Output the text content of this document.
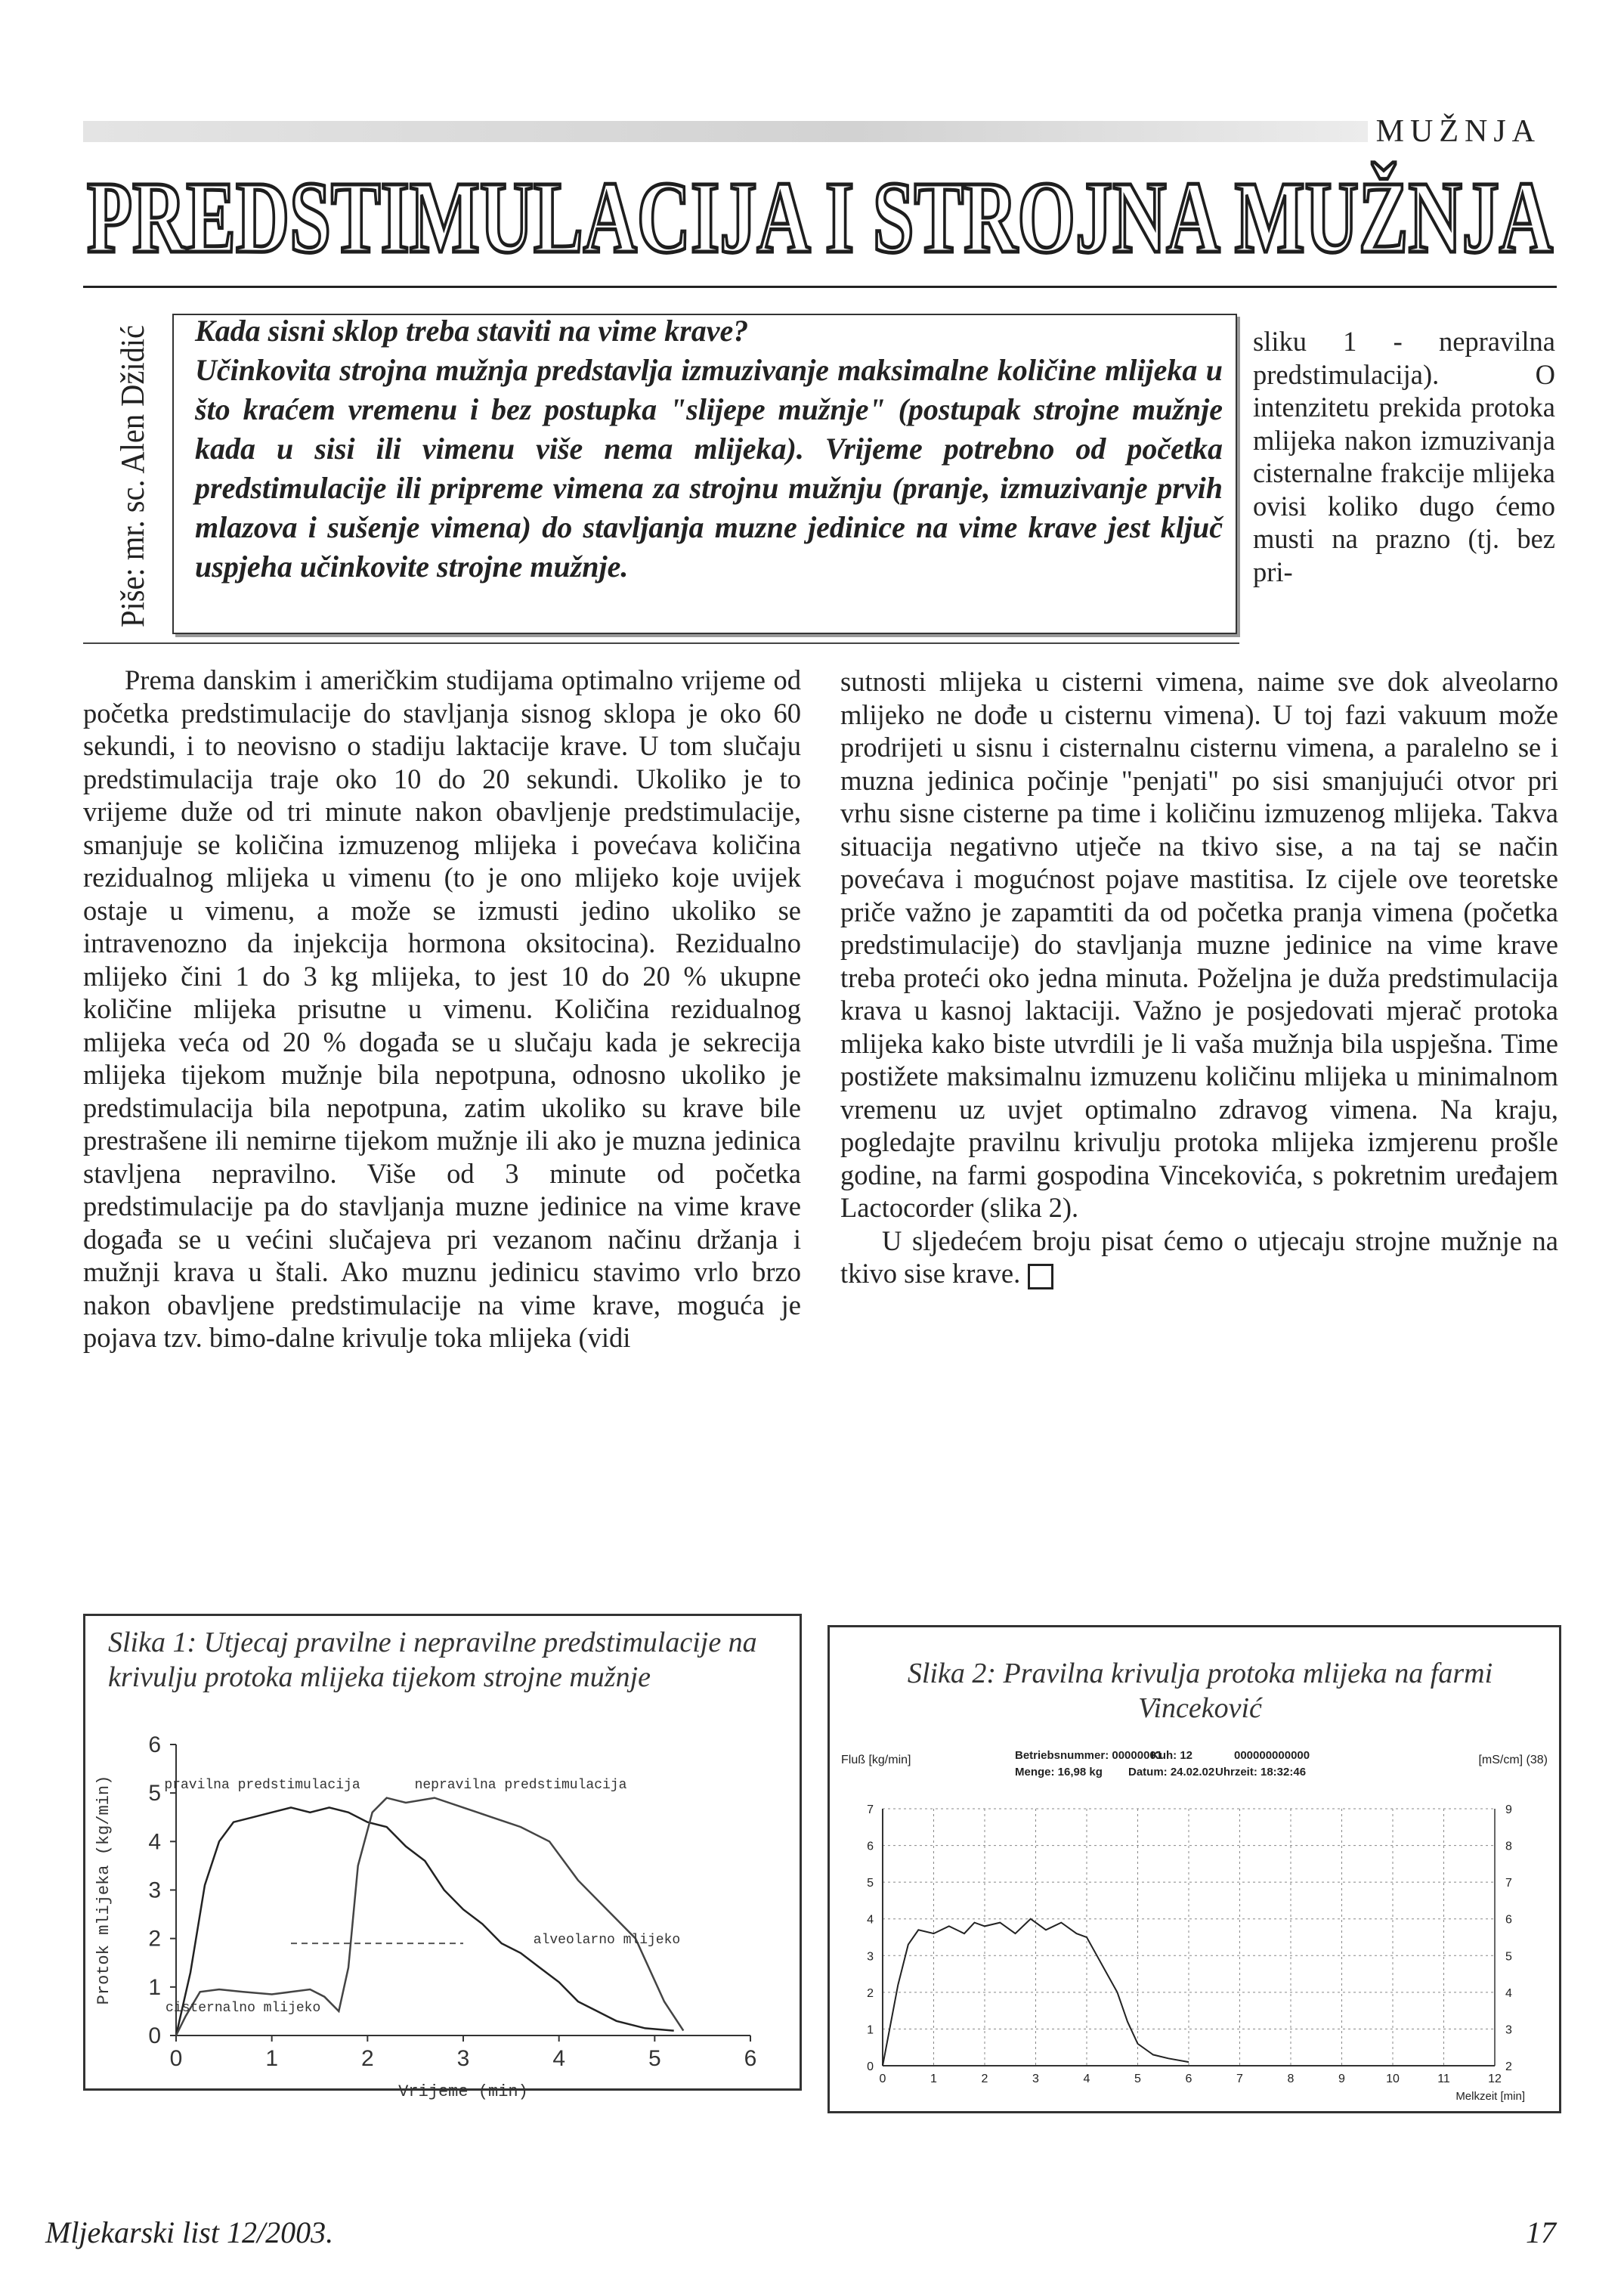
MUŽNJA
PREDSTIMULACIJA I STROJNA MUŽNJA
Piše: mr. sc. Alen Džidić Kada sisni sklop treba staviti na vime krave?
Učinkovita strojna mužnja predstavlja izmuzivanje maksimalne količine mlijeka u što kraćem vremenu i bez postupka "slijepe mužnje" (postupak strojne mužnje kada u sisi ili vimenu više nema mlijeka). Vrijeme potrebno od početka predstimulacije ili pripreme vimena za strojnu mužnju (pranje, izmuzivanje prvih mlazova i sušenje vimena) do stavljanja muzne jedinice na vime krave jest ključ uspjeha učinkovite strojne mužnje.
sliku 1 - nepravilna predstimulacija). O intenzitetu prekida protoka mlijeka nakon izmuzivanja cisternalne frakcije mlijeka ovisi koliko dugo ćemo musti na prazno (tj. bez pri-
Prema danskim i američkim studijama optimalno vrijeme od početka predstimulacije do stavljanja sisnog sklopa je oko 60 sekundi, i to neovisno o stadiju laktacije krave. U tom slučaju predstimulacija traje oko 10 do 20 sekundi. Ukoliko je to vrijeme duže od tri minute nakon obavljenje predstimulacije, smanjuje se količina izmuzenog mlijeka i povećava količina rezidualnog mlijeka u vimenu (to je ono mlijeko koje uvijek ostaje u vimenu, a može se izmusti jedino ukoliko se intravenozno da injekcija hormona oksitocina). Rezidualno mlijeko čini 1 do 3 kg mlijeka, to jest 10 do 20 % ukupne količine mlijeka prisutne u vimenu. Količina rezidualnog mlijeka veća od 20 % događa se u slučaju kada je sekrecija mlijeka tijekom mužnje bila nepotpuna, odnosno ukoliko je predstimulacija bila nepotpuna, zatim ukoliko su krave bile prestrašene ili nemirne tijekom mužnje ili ako je muzna jedinica stavljena nepravilno. Više od 3 minute od početka predstimulacije pa do stavljanja muzne jedinice na vime krave događa se u većini slučajeva pri vezanom načinu držanja i mužnji krava u štali. Ako muznu jedinicu stavimo vrlo brzo nakon obavljene predstimulacije na vime krave, moguća je pojava tzv. bimo-dalne krivulje toka mlijeka (vidi

sutnosti mlijeka u cisterni vimena, naime sve dok alveolarno mlijeko ne dođe u cisternu vimena). U toj fazi vakuum može prodrijeti u sisnu i cisternalnu cisternu vimena, a paralelno se i muzna jedinica počinje "penjati" po sisi smanjujući otvor pri vrhu sisne cisterne pa time i količinu izmuzenog mlijeka. Takva situacija negativno utječe na tkivo sise, a na taj se način povećava i mogućnost pojave mastitisa. Iz cijele ove teoretske priče važno je zapamtiti da od početka pranja vimena (početka predstimulacije) do stavljanja muzne jedinice na vime krave treba proteći oko jedna minuta. Poželjna je duža predstimulacija krava u kasnoj laktaciji. Važno je posjedovati mjerač protoka mlijeka kako biste utvrdili je li vaša mužnja bila uspješna. Time postižete maksimalnu izmuzenu količinu mlijeka u minimalnom vremenu uz uvjet optimalno zdravog vimena. Na kraju, pogledajte pravilnu krivulju protoka mlijeka izmjerenu prošle godine, na farmi gospodina Vincekovića, s pokretnim uređajem Lactocorder (slika 2).

U sljedećem broju pisat ćemo o utjecaju strojne mužnje na tkivo sise krave.

Slika 1: Utjecaj pravilne i nepravilne predstimulacije na krivulju protoka mlijeka tijekom strojne mužnje
0
1
2
3
4
5
6
0	1	2	3	4	5	6
Vrijeme (min)
Protok mlijeka (kg/min)	pravilna predstimulacija	nepravilna predstimulacija
alveolarno mlijeko
cisternalno mlijeko
Slika 2: Pravilna krivulja protoka mlijeka na farmi Vinceković
Fluß [kg/min]	[mS/cm] (38)
Betriebsnummer: 00000001
Kuh: 12	000000000000
Menge: 16,98 kg Datum: 24.02.02 Uhrzeit: 18:32:46
0
1
2
3
4
5
6
7
2
3
4
5
6
7
8
9
0	1	2	3	4	5	6	7	8	9	10	11	12
Melkzeit [min]
Mljekarski list 12/2003.	17
